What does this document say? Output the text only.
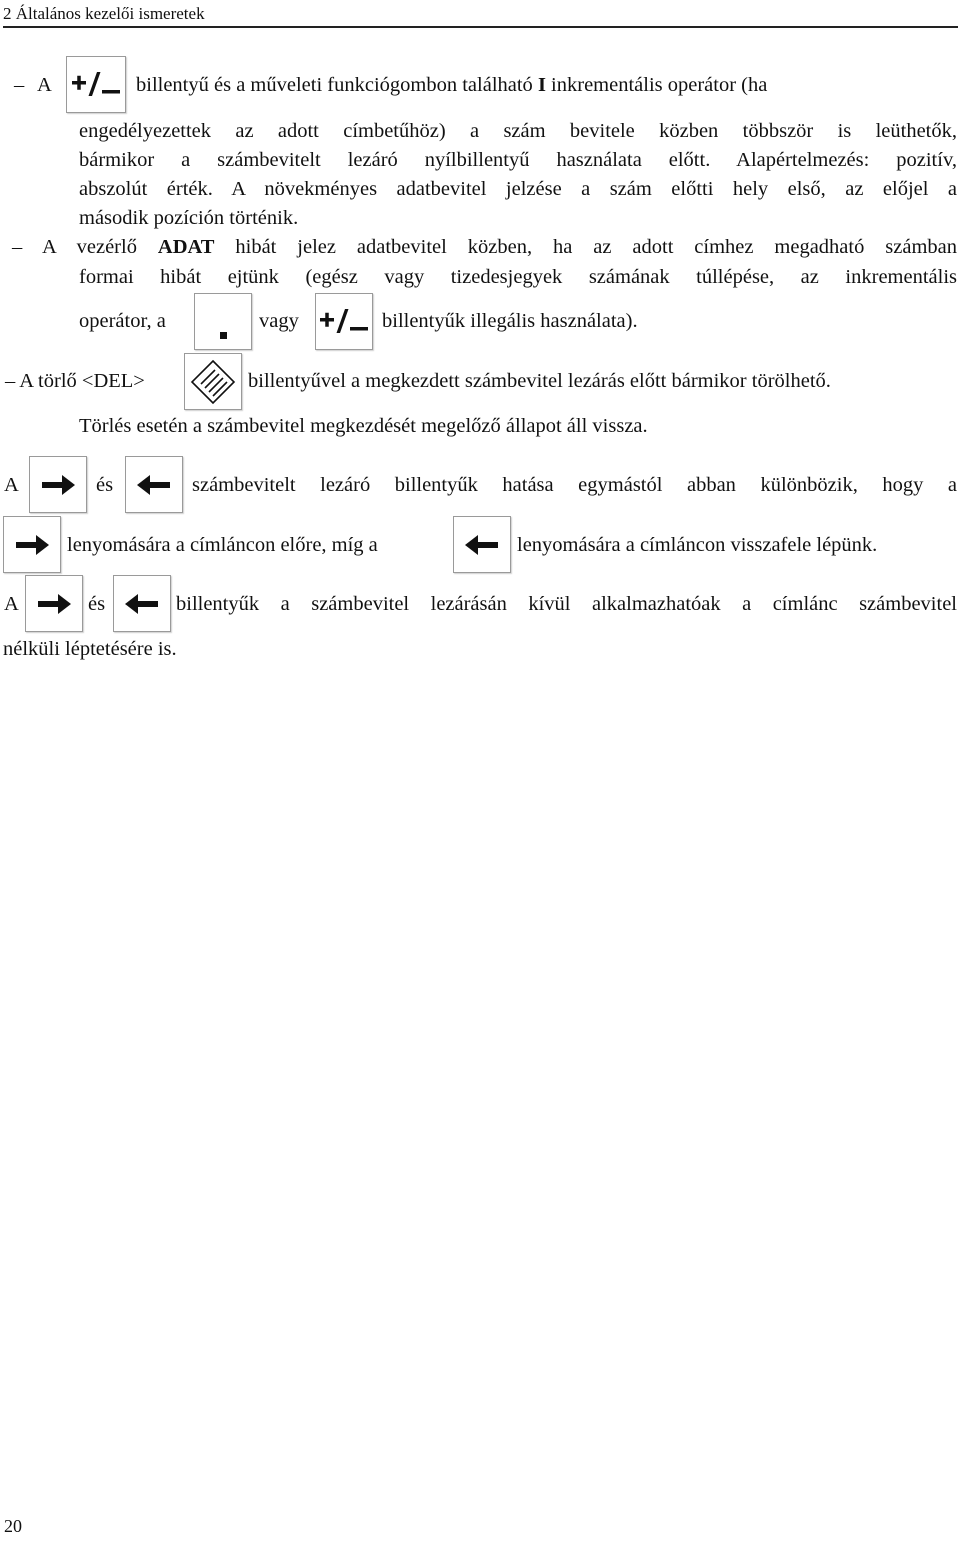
2 Általános kezelői ismeretek
– A	billentyű és a műveleti funkciógombon található I inkrementális operátor (ha
engedélyezettek az adott címbetűhöz) a szám bevitele közben többször is leüthetők,
bármikor a számbevitelt lezáró nyílbillentyű használata előtt. Alapértelmezés: pozitív,
abszolút érték. A növekményes adatbevitel jelzése a szám előtti hely első, az előjel a
második pozíción történik.
– A vezérlő ADAT hibát jelez adatbevitel közben, ha az adott címhez megadható számban
formai hibát ejtünk (egész vagy tizedesjegyek számának túllépése, az inkrementális
operátor, a	vagy	billentyűk illegális használata).
– A törlő <DEL>	billentyűvel a megkezdett számbevitel lezárás előtt bármikor törölhető.
Törlés esetén a számbevitel megkezdését megelőző állapot áll vissza.
A	és	számbevitelt lezáró billentyűk hatása egymástól abban különbözik, hogy a
lenyomására a címláncon előre, míg a	lenyomására a címláncon visszafele lépünk.
A	és	billentyűk a számbevitel lezárásán kívül alkalmazhatóak a címlánc számbevitel
nélküli léptetésére is.
20
